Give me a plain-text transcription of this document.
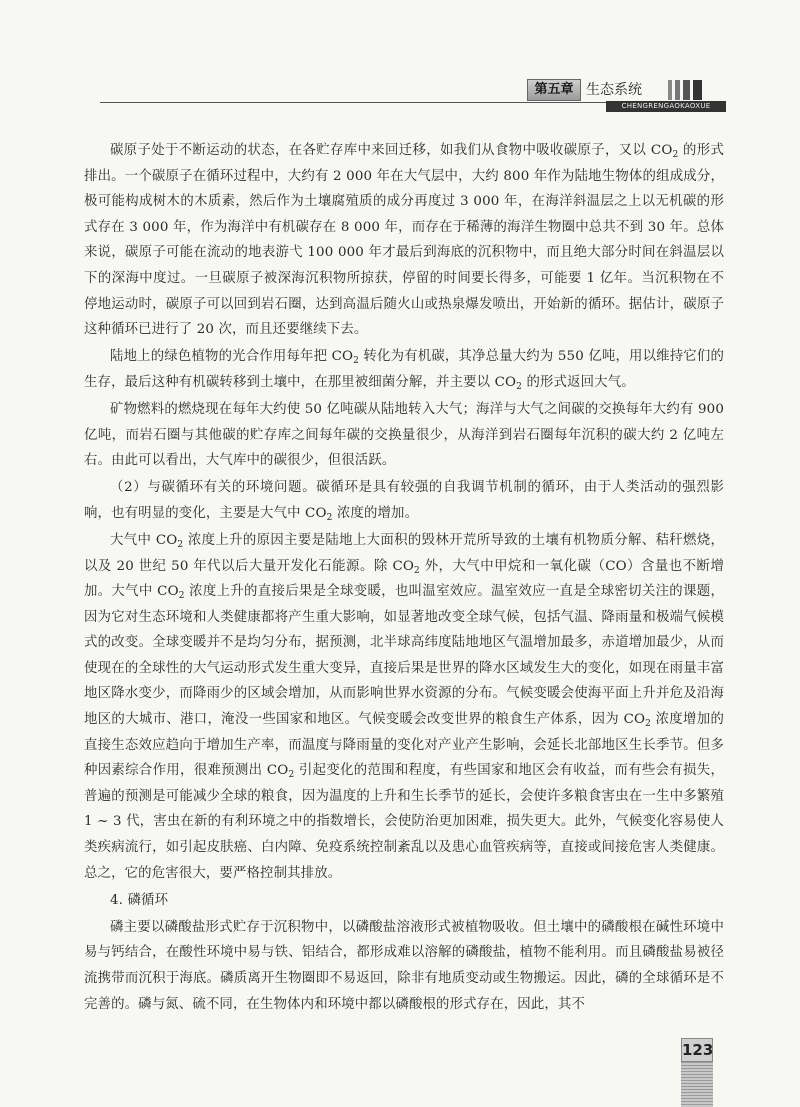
第五章 生态系统
CHENGRENGAOKAOXUE

碳原子处于不断运动的状态，在各贮存库中来回迁移，如我们从食物中吸收碳原子，又以 $CO_2$ 的形式排出。一个碳原子在循环过程中，大约有 2 000 年在大气层中，大约 800 年作为陆地生物体的组成成分，极可能构成树木的木质素，然后作为土壤腐殖质的成分再度过 3 000 年，在海洋斜温层之上以无机碳的形式存在 3 000 年，作为海洋中有机碳存在 8 000 年，而存在于稀薄的海洋生物圈中总共不到 30 年。总体来说，碳原子可能在流动的地表游弋 100 000 年才最后到海底的沉积物中，而且绝大部分时间在斜温层以下的深海中度过。一旦碳原子被深海沉积物所掠获，停留的时间要长得多，可能要 1 亿年。当沉积物在不停地运动时，碳原子可以回到岩石圈，达到高温后随火山或热泉爆发喷出，开始新的循环。据估计，碳原子这种循环已进行了 20 次，而且还要继续下去。

陆地上的绿色植物的光合作用每年把 $CO_2$ 转化为有机碳，其净总量大约为 550 亿吨，用以维持它们的生存，最后这种有机碳转移到土壤中，在那里被细菌分解，并主要以 $CO_2$ 的形式返回大气。

矿物燃料的燃烧现在每年大约使 50 亿吨碳从陆地转入大气；海洋与大气之间碳的交换每年大约有 900 亿吨，而岩石圈与其他碳的贮存库之间每年碳的交换量很少，从海洋到岩石圈每年沉积的碳大约 2 亿吨左右。由此可以看出，大气库中的碳很少，但很活跃。

（2）与碳循环有关的环境问题。碳循环是具有较强的自我调节机制的循环，由于人类活动的强烈影响，也有明显的变化，主要是大气中 $CO_2$ 浓度的增加。

大气中 $CO_2$ 浓度上升的原因主要是陆地上大面积的毁林开荒所导致的土壤有机物质分解、秸秆燃烧，以及 20 世纪 50 年代以后大量开发化石能源。除 $CO_2$ 外，大气中甲烷和一氧化碳（CO）含量也不断增加。大气中 $CO_2$ 浓度上升的直接后果是全球变暖，也叫温室效应。温室效应一直是全球密切关注的课题，因为它对生态环境和人类健康都将产生重大影响，如显著地改变全球气候，包括气温、降雨量和极端气候模式的改变。全球变暖并不是均匀分布，据预测，北半球高纬度陆地地区气温增加最多，赤道增加最少，从而使现在的全球性的大气运动形式发生重大变异，直接后果是世界的降水区域发生大的变化，如现在雨量丰富地区降水变少，而降雨少的区域会增加，从而影响世界水资源的分布。气候变暖会使海平面上升并危及沿海地区的大城市、港口，淹没一些国家和地区。气候变暖会改变世界的粮食生产体系，因为 $CO_2$ 浓度增加的直接生态效应趋向于增加生产率，而温度与降雨量的变化对产业产生影响，会延长北部地区生长季节。但多种因素综合作用，很难预测出 $CO_2$ 引起变化的范围和程度，有些国家和地区会有收益，而有些会有损失，普遍的预测是可能减少全球的粮食，因为温度的上升和生长季节的延长，会使许多粮食害虫在一生中多繁殖 1 ~ 3 代，害虫在新的有利环境之中的指数增长，会使防治更加困难，损失更大。此外，气候变化容易使人类疾病流行，如引起皮肤癌、白内障、免疫系统控制紊乱以及患心血管疾病等，直接或间接危害人类健康。总之，它的危害很大，要严格控制其排放。

4. 磷循环

磷主要以磷酸盐形式贮存于沉积物中，以磷酸盐溶液形式被植物吸收。但土壤中的磷酸根在碱性环境中易与钙结合，在酸性环境中易与铁、铝结合，都形成难以溶解的磷酸盐，植物不能利用。而且磷酸盐易被径流携带而沉积于海底。磷质离开生物圈即不易返回，除非有地质变动或生物搬运。因此，磷的全球循环是不完善的。磷与氮、硫不同，在生物体内和环境中都以磷酸根的形式存在，因此，其不

123
